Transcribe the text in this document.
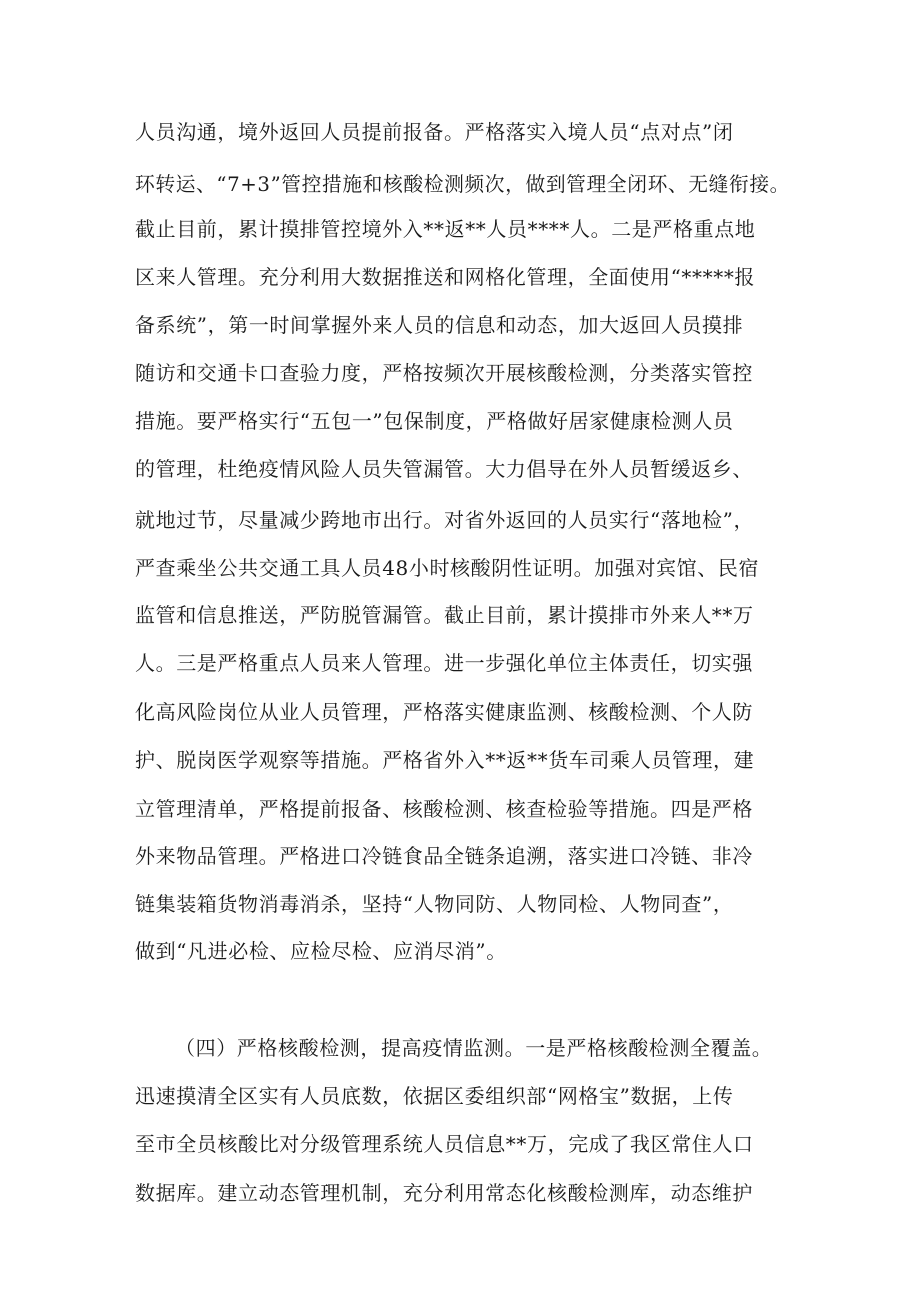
人员沟通，境外返回人员提前报备。严格落实入境人员“点对点”闭
环转运、“7+3”管控措施和核酸检测频次，做到管理全闭环、无缝衔接。
截止目前，累计摸排管控境外入**返**人员****人。二是严格重点地
区来人管理。充分利用大数据推送和网格化管理，全面使用“*****报
备系统”，第一时间掌握外来人员的信息和动态，加大返回人员摸排
随访和交通卡口查验力度，严格按频次开展核酸检测，分类落实管控
措施。要严格实行“五包一”包保制度，严格做好居家健康检测人员
的管理，杜绝疫情风险人员失管漏管。大力倡导在外人员暂缓返乡、
就地过节，尽量减少跨地市出行。对省外返回的人员实行“落地检”，
严查乘坐公共交通工具人员48小时核酸阴性证明。加强对宾馆、民宿
监管和信息推送，严防脱管漏管。截止目前，累计摸排市外来人**万
人。三是严格重点人员来人管理。进一步强化单位主体责任，切实强
化高风险岗位从业人员管理，严格落实健康监测、核酸检测、个人防
护、脱岗医学观察等措施。严格省外入**返**货车司乘人员管理，建
立管理清单，严格提前报备、核酸检测、核查检验等措施。四是严格
外来物品管理。严格进口冷链食品全链条追溯，落实进口冷链、非冷
链集装箱货物消毒消杀，坚持“人物同防、人物同检、人物同查”，
做到“凡进必检、应检尽检、应消尽消”。
（四）严格核酸检测，提高疫情监测。一是严格核酸检测全覆盖。
迅速摸清全区实有人员底数，依据区委组织部“网格宝”数据，上传
至市全员核酸比对分级管理系统人员信息**万，完成了我区常住人口
数据库。建立动态管理机制，充分利用常态化核酸检测库，动态维护
